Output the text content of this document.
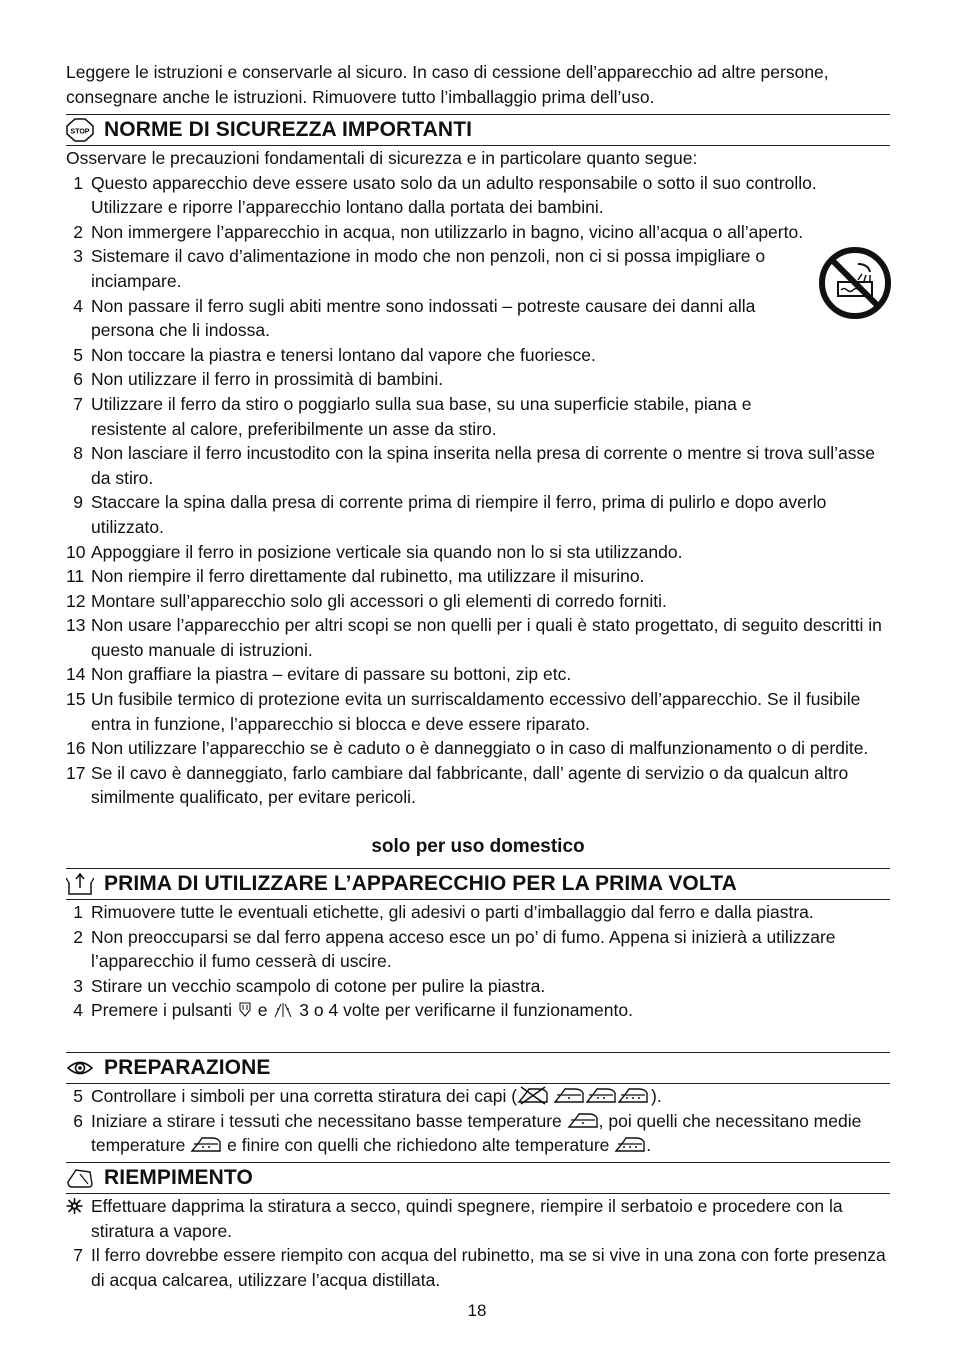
Leggere le istruzioni e conservarle al sicuro. In caso di cessione dell’apparecchio ad altre persone, consegnare anche le istruzioni. Rimuovere tutto l’imballaggio prima dell’uso.
STOP NORME DI SICUREZZA IMPORTANTI
Osservare le precauzioni fondamentali di sicurezza e in particolare quanto segue:
1 Questo apparecchio deve essere usato solo da un adulto responsabile o sotto il suo controllo. Utilizzare e riporre l’apparecchio lontano dalla portata dei bambini.
2 Non immergere l’apparecchio in acqua, non utilizzarlo in bagno, vicino all’acqua o all’aperto.
3 Sistemare il cavo d’alimentazione in modo che non penzoli, non ci si possa impigliare o inciampare.
4 Non passare il ferro sugli abiti mentre sono indossati – potreste causare dei danni alla persona che li indossa.
5 Non toccare la piastra e tenersi lontano dal vapore che fuoriesce.
6 Non utilizzare il ferro in prossimità di bambini.
7 Utilizzare il ferro da stiro o poggiarlo sulla sua base, su una superficie stabile, piana e resistente al calore, preferibilmente un asse da stiro.
8 Non lasciare il ferro incustodito con la spina inserita nella presa di corrente o mentre si trova sull’asse da stiro.
9 Staccare la spina dalla presa di corrente prima di riempire il ferro, prima di pulirlo e dopo averlo utilizzato.
10 Appoggiare il ferro in posizione verticale sia quando non lo si sta utilizzando.
11 Non riempire il ferro direttamente dal rubinetto, ma utilizzare il misurino.
12 Montare sull’apparecchio solo gli accessori o gli elementi di corredo forniti.
13 Non usare l’apparecchio per altri scopi se non quelli per i quali è stato progettato, di seguito descritti in questo manuale di istruzioni.
14 Non graffiare la piastra – evitare di passare su bottoni, zip etc.
15 Un fusibile termico di protezione evita un surriscaldamento eccessivo dell’apparecchio. Se il fusibile entra in funzione, l’apparecchio si blocca e deve essere riparato.
16 Non utilizzare l’apparecchio se è caduto o è danneggiato o in caso di malfunzionamento o di perdite.
17 Se il cavo è danneggiato, farlo cambiare dal fabbricante, dall’ agente di servizio o da qualcun altro similmente qualificato, per evitare pericoli.
solo per uso domestico
PRIMA DI UTILIZZARE L’APPARECCHIO PER LA PRIMA VOLTA
1 Rimuovere tutte le eventuali etichette, gli adesivi o parti d’imballaggio dal ferro e dalla piastra.
2 Non preoccuparsi se dal ferro appena acceso esce un po’ di fumo. Appena si inizierà a utilizzare l’apparecchio il fumo cesserà di uscire.
3 Stirare un vecchio scampolo di cotone per pulire la piastra.
4 Premere i pulsanti e 3 o 4 volte per verificarne il funzionamento.
PREPARAZIONE
5 Controllare i simboli per una corretta stiratura dei capi (	).
6 Iniziare a stirare i tessuti che necessitano basse temperature , poi quelli che necessitano medie temperature e finire con quelli che richiedono alte temperature .
RIEMPIMENTO
Effettuare dapprima la stiratura a secco, quindi spegnere, riempire il serbatoio e procedere con la stiratura a vapore.
7 Il ferro dovrebbe essere riempito con acqua del rubinetto, ma se si vive in una zona con forte presenza di acqua calcarea, utilizzare l’acqua distillata.
18
